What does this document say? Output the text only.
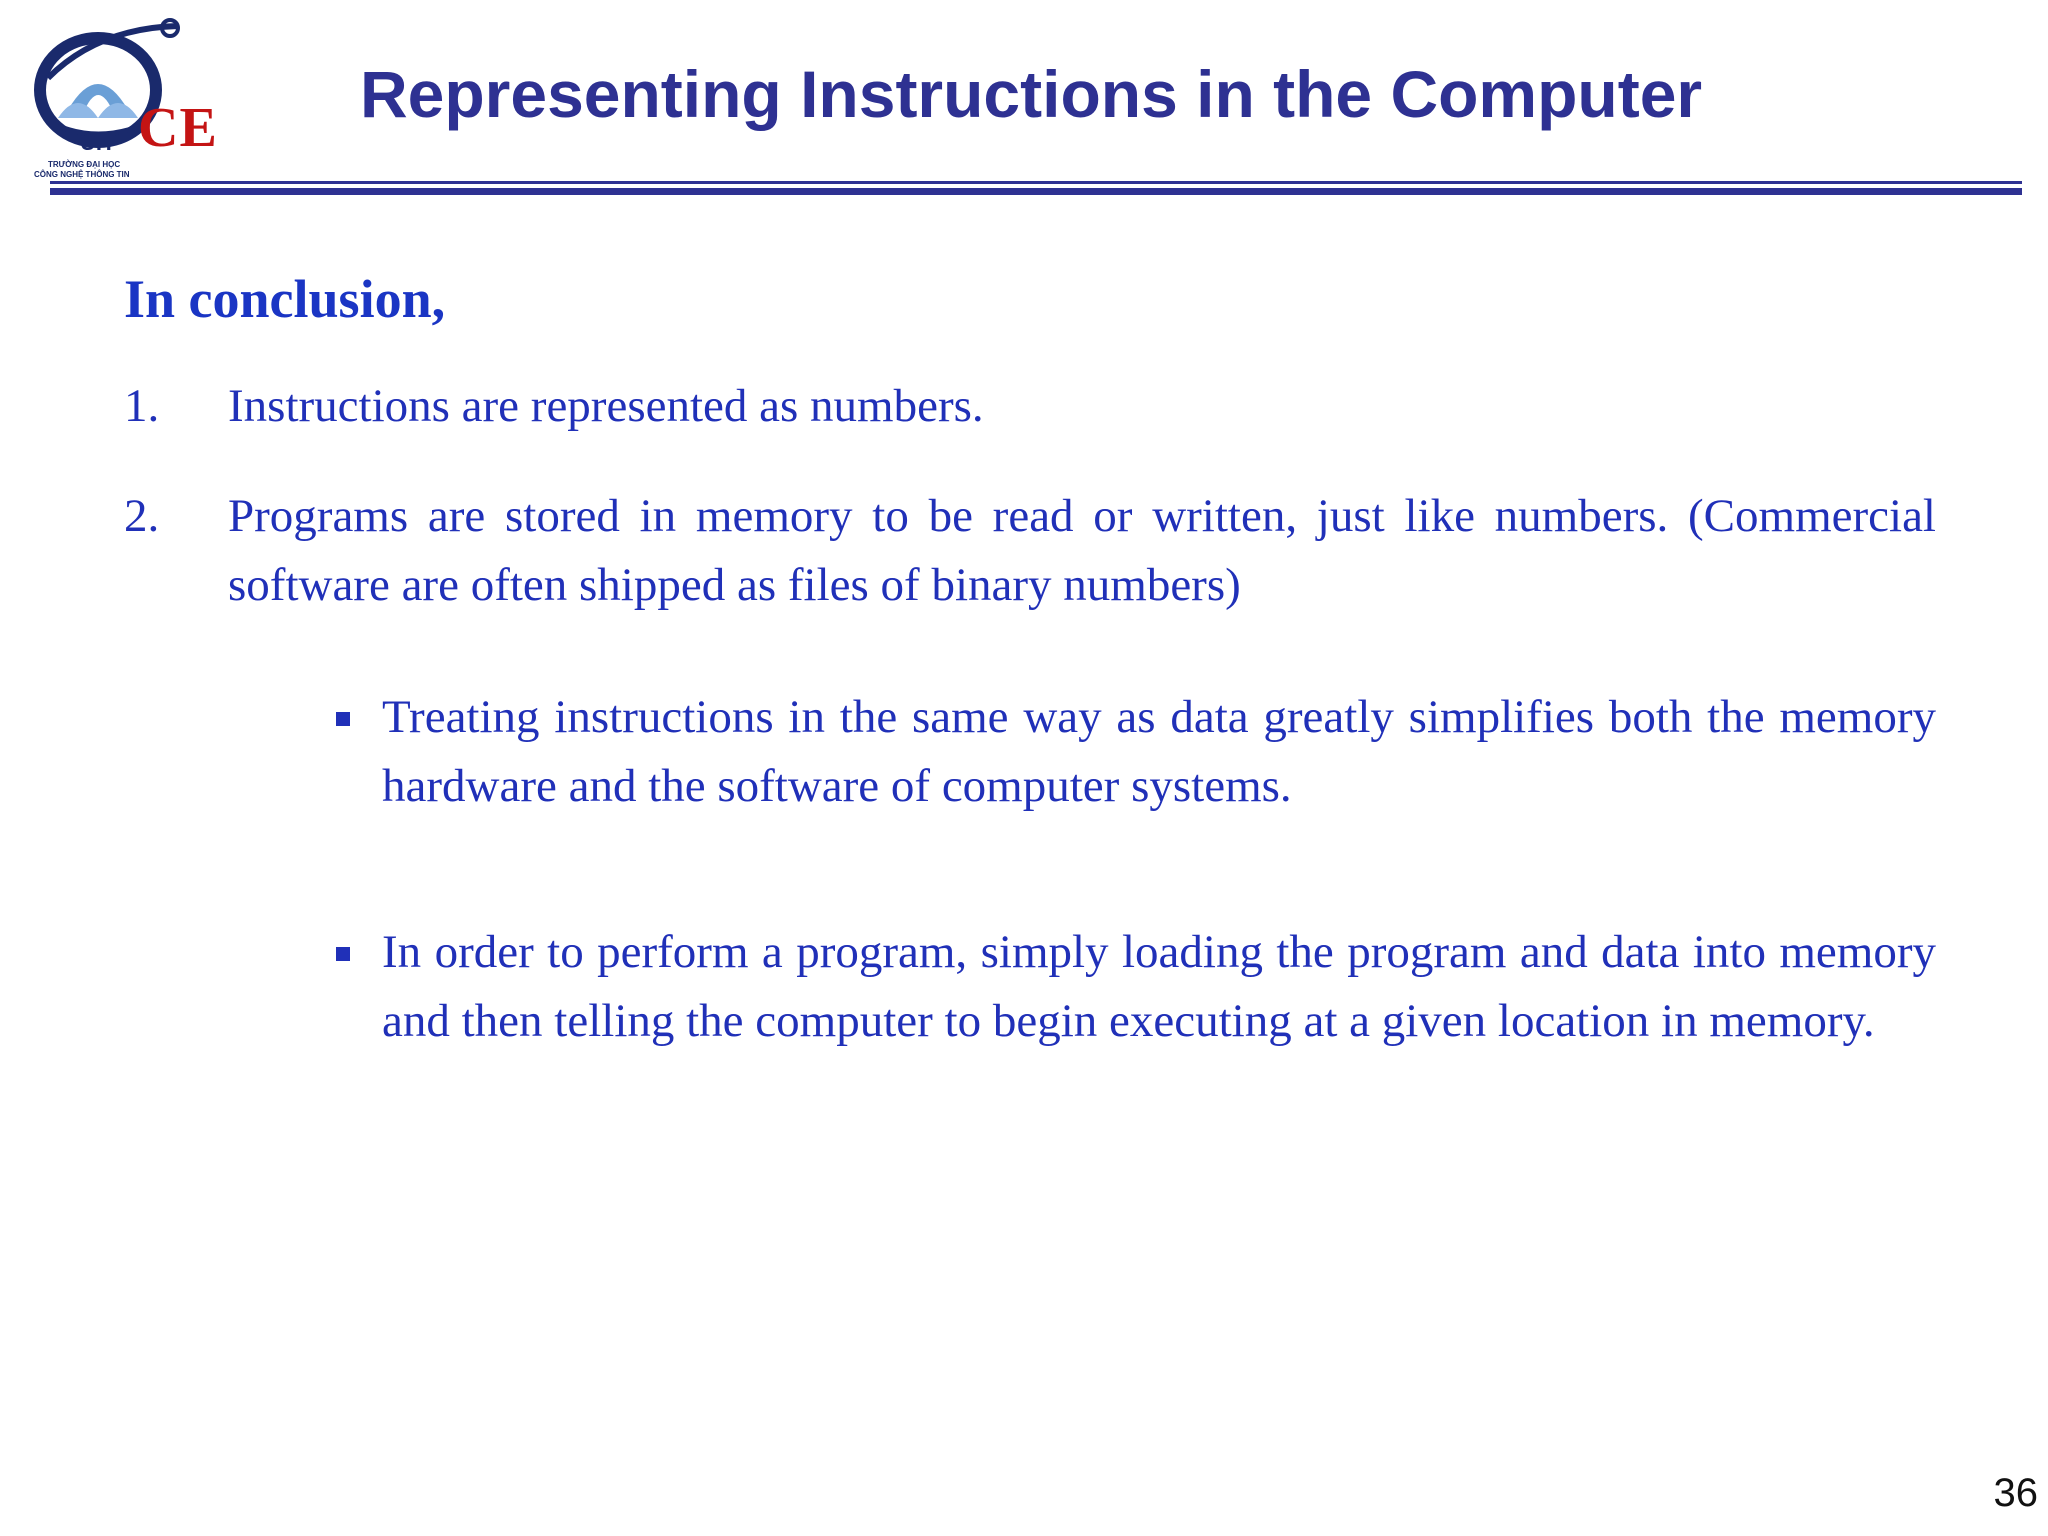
CE
UIT
TRƯỜNG ĐẠI HỌC
CÔNG NGHỆ THÔNG TIN
Representing Instructions in the Computer
In conclusion,
1.	Instructions are represented as numbers.
2.	Programs are stored in memory to be read or written, just like numbers. (Commercial software are often shipped as files of binary numbers)
Treating instructions in the same way as data greatly simplifies both the memory hardware and the software of computer systems.
In order to perform a program, simply loading the program and data into memory and then telling the computer to begin executing at a given location in memory.
36
